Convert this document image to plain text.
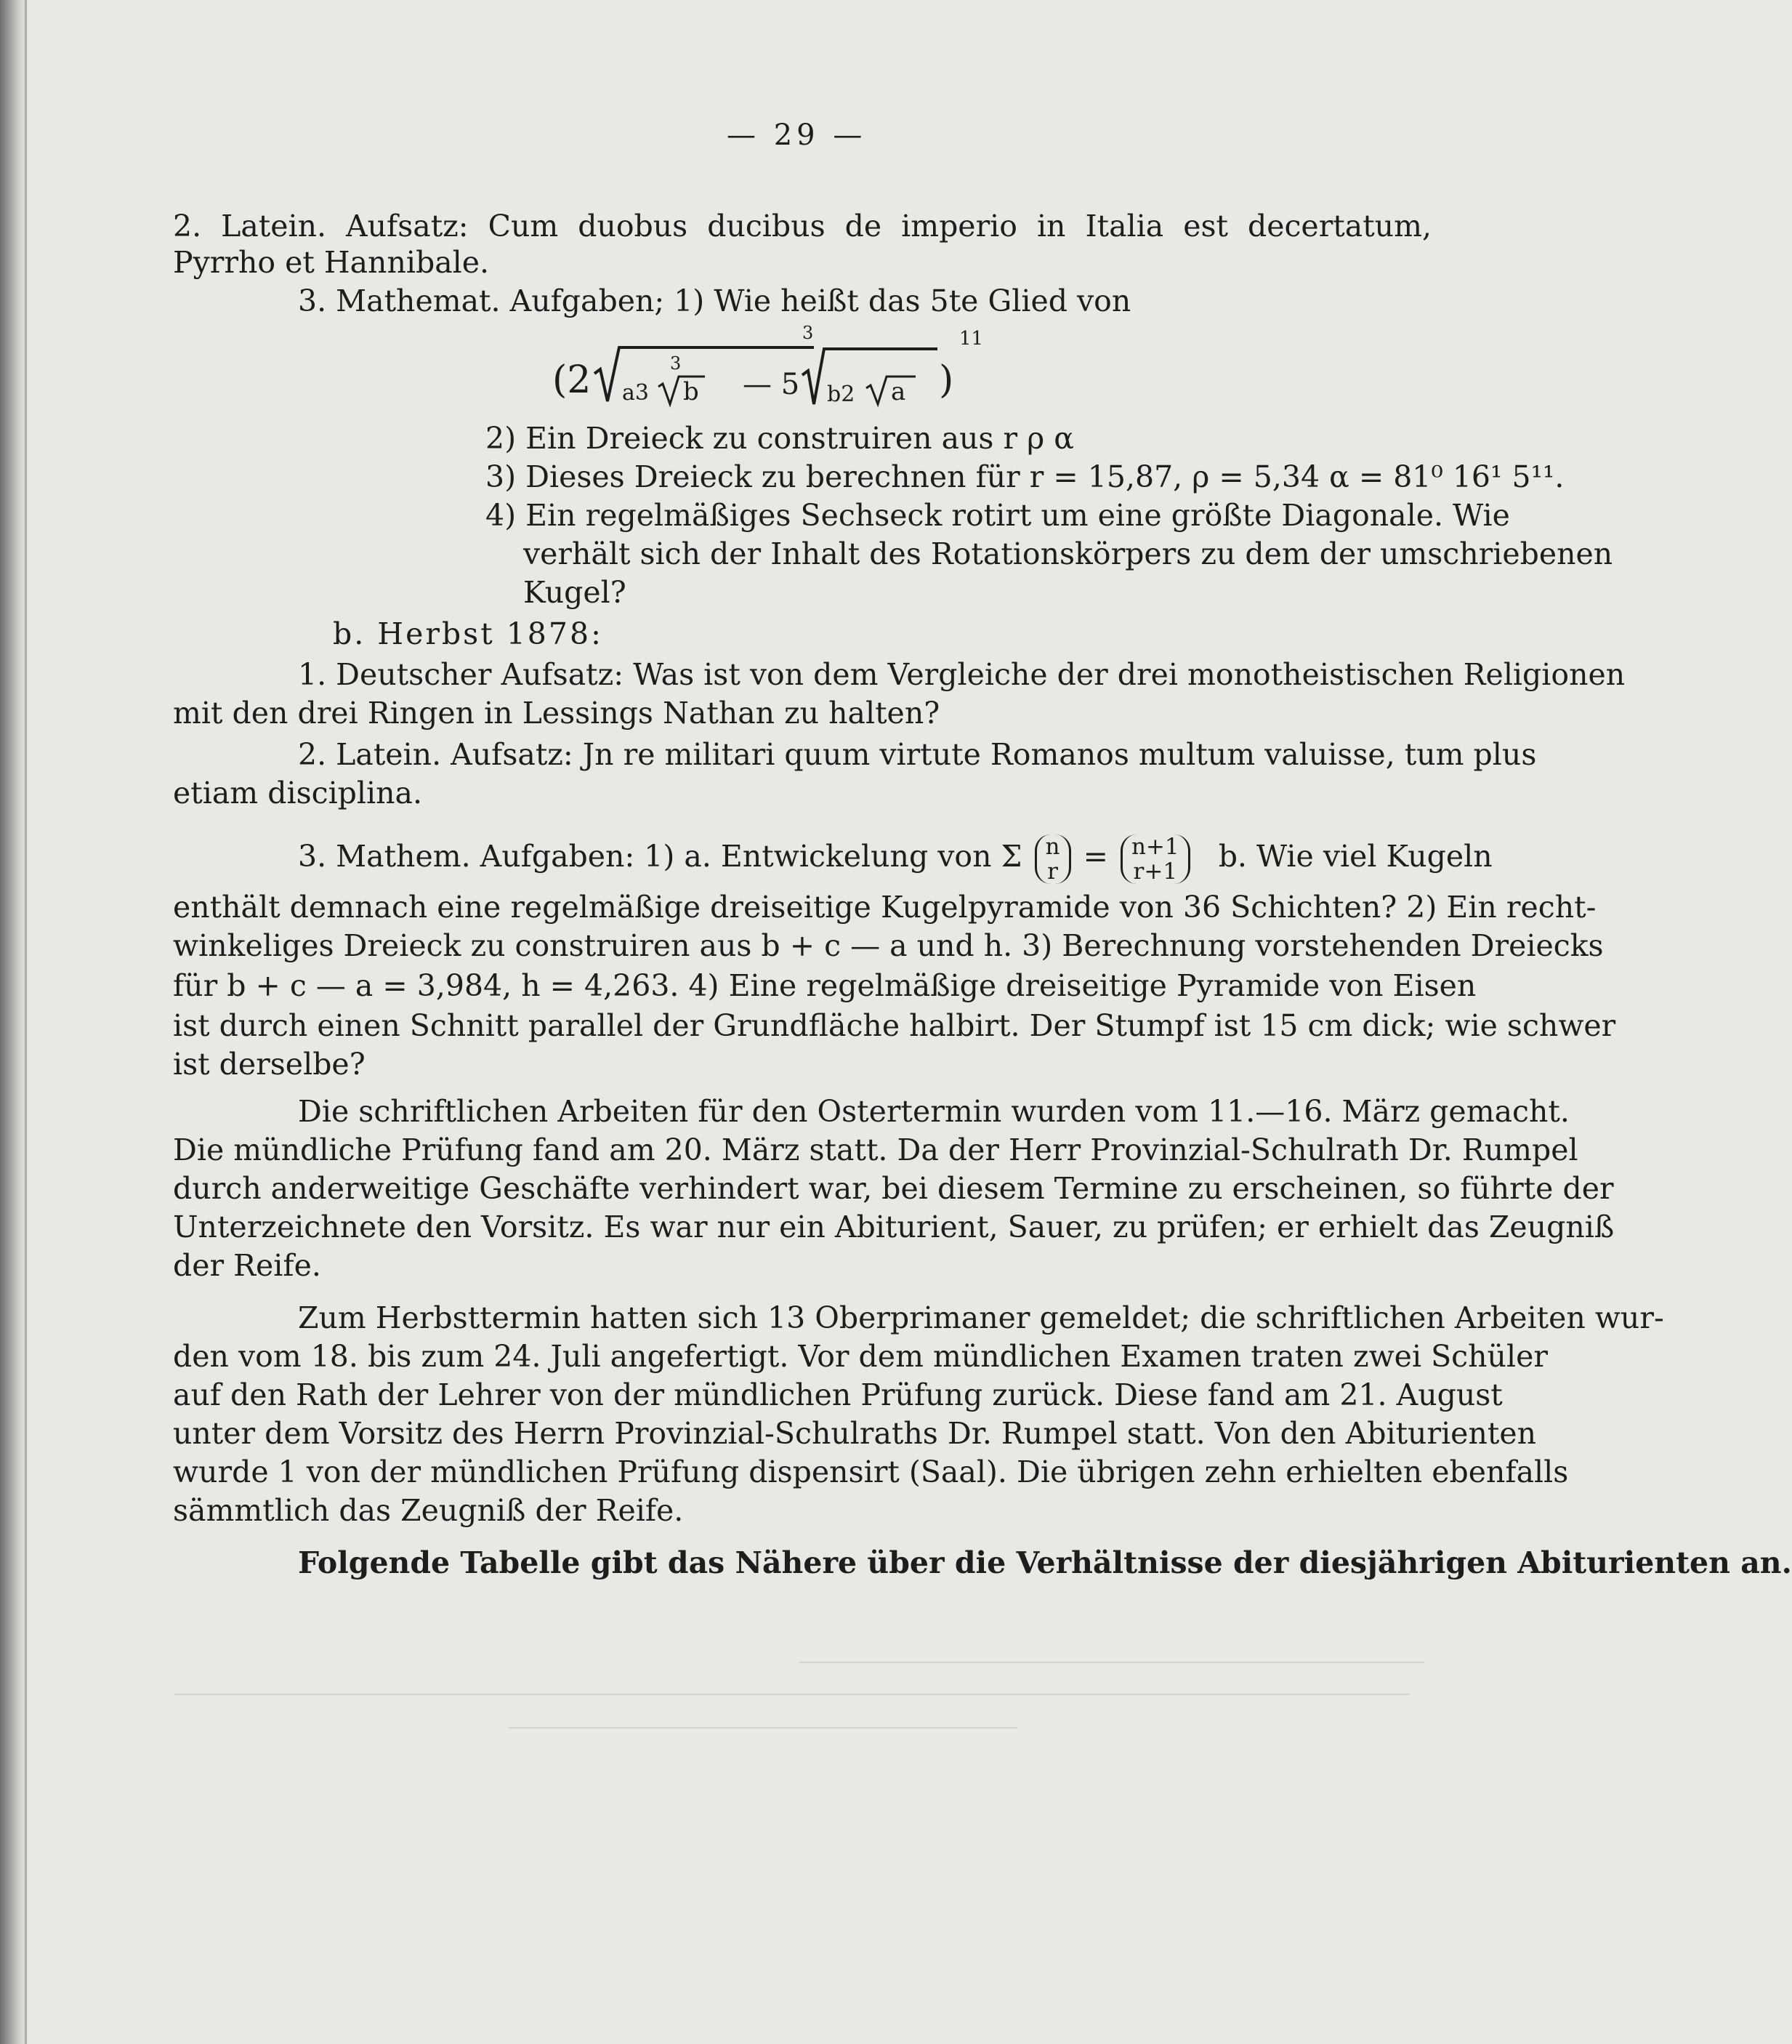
— 29 —
2. Latein. Aufsatz: Cum duobus ducibus de imperio in Italia est decertatum,
Pyrrho et Hannibale.
3. Mathemat. Aufgaben; 1) Wie heißt das 5te Glied von
(2 a3
3
b — 5
3
b2 a )
11
2) Ein Dreieck zu construiren aus r ρ α
3) Dieses Dreieck zu berechnen für r = 15,87, ρ = 5,34 α = 81⁰ 16¹ 5¹¹.
4) Ein regelmäßiges Sechseck rotirt um eine größte Diagonale. Wie
verhält sich der Inhalt des Rotationskörpers zu dem der umschriebenen
Kugel?
b. Herbst 1878:
1. Deutscher Aufsatz: Was ist von dem Vergleiche der drei monotheistischen Religionen
mit den drei Ringen in Lessings Nathan zu halten?
2. Latein. Aufsatz: Jn re militari quum virtute Romanos multum valuisse, tum plus
etiam disciplina.
3. Mathem. Aufgaben: 1) a. Entwickelung von Σ n
r = n+1
r+1 b. Wie viel Kugeln
enthält demnach eine regelmäßige dreiseitige Kugelpyramide von 36 Schichten? 2) Ein recht-
winkeliges Dreieck zu construiren aus b + c — a und h. 3) Berechnung vorstehenden Dreiecks
für b + c — a = 3,984, h = 4,263. 4) Eine regelmäßige dreiseitige Pyramide von Eisen
ist durch einen Schnitt parallel der Grundfläche halbirt. Der Stumpf ist 15 cm dick; wie schwer
ist derselbe?
Die schriftlichen Arbeiten für den Ostertermin wurden vom 11.—16. März gemacht.
Die mündliche Prüfung fand am 20. März statt. Da der Herr Provinzial-Schulrath Dr. Rumpel
durch anderweitige Geschäfte verhindert war, bei diesem Termine zu erscheinen, so führte der
Unterzeichnete den Vorsitz. Es war nur ein Abiturient, Sauer, zu prüfen; er erhielt das Zeugniß
der Reife.
Zum Herbsttermin hatten sich 13 Oberprimaner gemeldet; die schriftlichen Arbeiten wur-
den vom 18. bis zum 24. Juli angefertigt. Vor dem mündlichen Examen traten zwei Schüler
auf den Rath der Lehrer von der mündlichen Prüfung zurück. Diese fand am 21. August
unter dem Vorsitz des Herrn Provinzial-Schulraths Dr. Rumpel statt. Von den Abiturienten
wurde 1 von der mündlichen Prüfung dispensirt (Saal). Die übrigen zehn erhielten ebenfalls
sämmtlich das Zeugniß der Reife.
Folgende Tabelle gibt das Nähere über die Verhältnisse der diesjährigen Abiturienten an.
